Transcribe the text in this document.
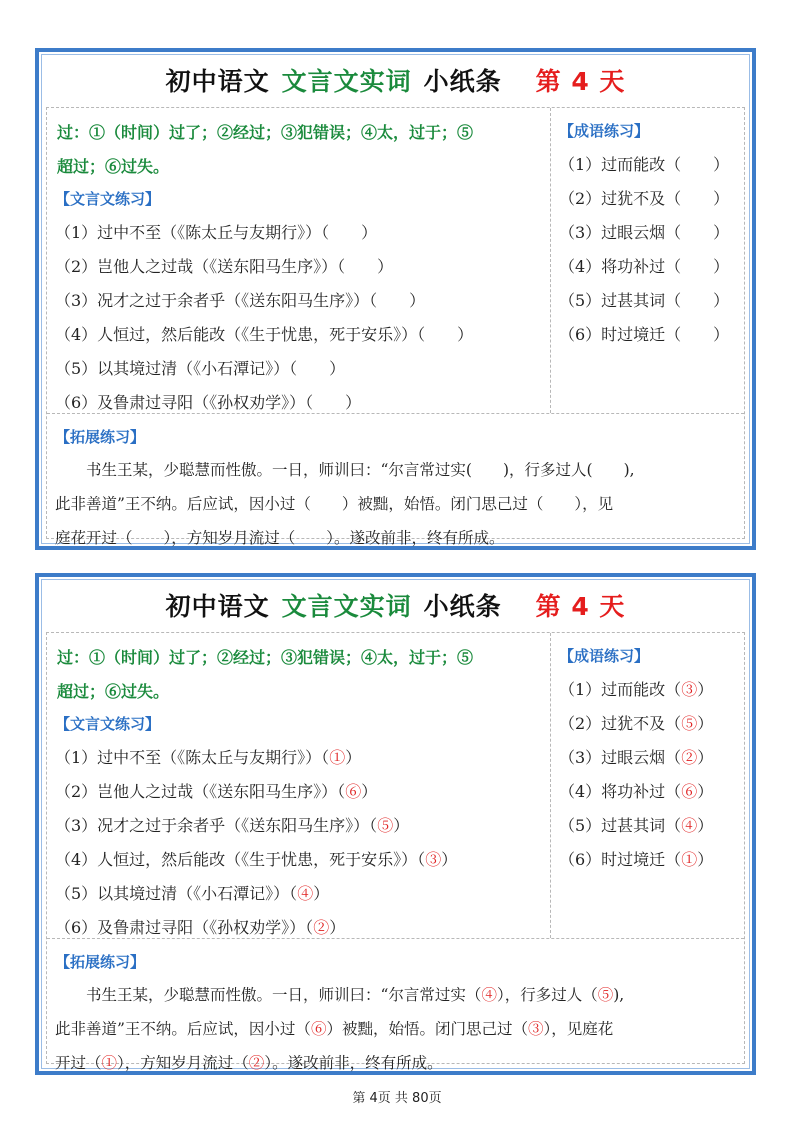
初中语文 文言文实词 小纸条 第 4 天
过：①（时间）过了；②经过；③犯错误；④太，过于；⑤
超过；⑥过失。
【文言文练习】
（1）过中不至（《陈太丘与友期行》）（　　）
（2）岂他人之过哉（《送东阳马生序》）（　　）
（3）况才之过于余者乎（《送东阳马生序》）（　　）
（4）人恒过，然后能改（《生于忧患，死于安乐》）（　　）
（5）以其境过清（《小石潭记》）（　　）
（6）及鲁肃过寻阳（《孙权劝学》）（　　）
【成语练习】
（1）过而能改（　　）
（2）过犹不及（　　）
（3）过眼云烟（　　）
（4）将功补过（　　）
（5）过甚其词（　　）
（6）时过境迁（　　）
【拓展练习】
　　书生王某，少聪慧而性傲。一日，师训曰：“尔言常过实(　　)，行多过人(　　),
此非善道”王不纳。后应试，因小过（　　）被黜，始悟。闭门思己过（　　），见
庭花开过（　　），方知岁月流过（　　）。遂改前非，终有所成。
初中语文 文言文实词 小纸条 第 4 天
过：①（时间）过了；②经过；③犯错误；④太，过于；⑤
超过；⑥过失。
【文言文练习】
（1）过中不至（《陈太丘与友期行》）（①）
（2）岂他人之过哉（《送东阳马生序》）（⑥）
（3）况才之过于余者乎（《送东阳马生序》）（⑤）
（4）人恒过，然后能改（《生于忧患，死于安乐》）（③）
（5）以其境过清（《小石潭记》）（④）
（6）及鲁肃过寻阳（《孙权劝学》）（②）
【成语练习】
（1）过而能改（③）
（2）过犹不及（⑤）
（3）过眼云烟（②）
（4）将功补过（⑥）
（5）过甚其词（④）
（6）时过境迁（①）
【拓展练习】
　　书生王某，少聪慧而性傲。一日，师训曰：“尔言常过实（④），行多过人（⑤),
此非善道”王不纳。后应试，因小过（⑥）被黜，始悟。闭门思己过（③），见庭花
开过（①），方知岁月流过（②）。遂改前非，终有所成。
第 4页 共 80页
